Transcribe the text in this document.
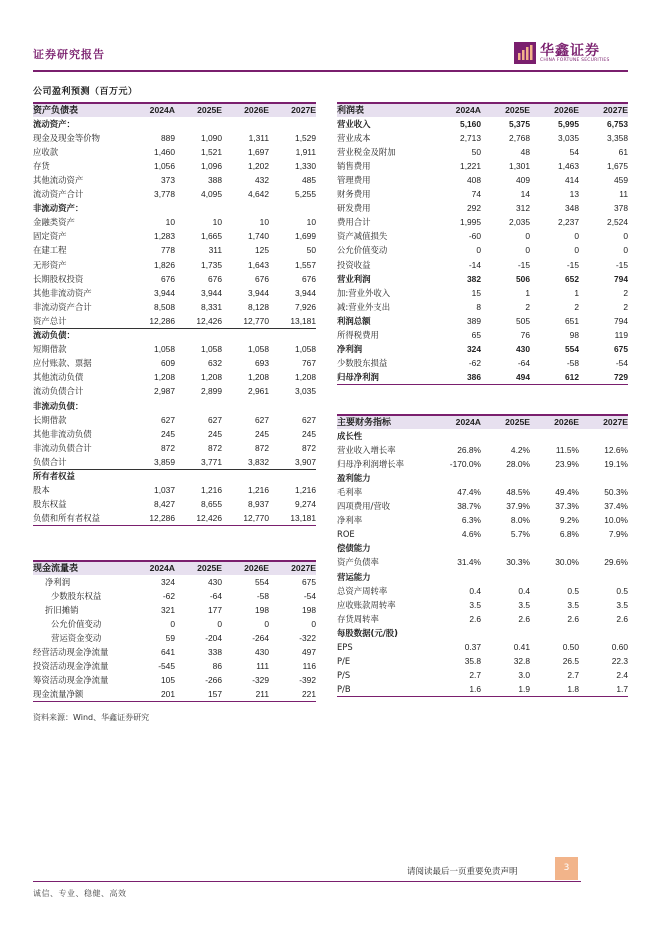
证券研究报告	华鑫证券
CHINA FORTUNE SECURITIES
公司盈利预测（百万元）
资产负债表	2024A	2025E	2026E	2027E
流动资产：				
现金及现金等价物	889	1,090	1,311	1,529
应收款	1,460	1,521	1,697	1,911
存货	1,056	1,096	1,202	1,330
其他流动资产	373	388	432	485
流动资产合计	3,778	4,095	4,642	5,255
非流动资产：				
金融类资产	10	10	10	10
固定资产	1,283	1,665	1,740	1,699
在建工程	778	311	125	50
无形资产	1,826	1,735	1,643	1,557
长期股权投资	676	676	676	676
其他非流动资产	3,944	3,944	3,944	3,944
非流动资产合计	8,508	8,331	8,128	7,926
资产总计	12,286	12,426	12,770	13,181
流动负债：				
短期借款	1,058	1,058	1,058	1,058
应付账款、票据	609	632	693	767
其他流动负债	1,208	1,208	1,208	1,208
流动负债合计	2,987	2,899	2,961	3,035
非流动负债：				
长期借款	627	627	627	627
其他非流动负债	245	245	245	245
非流动负债合计	872	872	872	872
负债合计	3,859	3,771	3,832	3,907
所有者权益				
股本	1,037	1,216	1,216	1,216
股东权益	8,427	8,655	8,937	9,274
负债和所有者权益	12,286	12,426	12,770	13,181
利润表	2024A	2025E	2026E	2027E
营业收入	5,160	5,375	5,995	6,753
营业成本	2,713	2,768	3,035	3,358
营业税金及附加	50	48	54	61
销售费用	1,221	1,301	1,463	1,675
管理费用	408	409	414	459
财务费用	74	14	13	11
研发费用	292	312	348	378
费用合计	1,995	2,035	2,237	2,524
资产减值损失	-60	0	0	0
公允价值变动	0	0	0	0
投资收益	-14	-15	-15	-15
营业利润	382	506	652	794
加:营业外收入	15	1	1	2
减:营业外支出	8	2	2	2
利润总额	389	505	651	794
所得税费用	65	76	98	119
净利润	324	430	554	675
少数股东损益	-62	-64	-58	-54
归母净利润	386	494	612	729
现金流量表	2024A	2025E	2026E	2027E
净利润	324	430	554	675
少数股东权益	-62	-64	-58	-54
折旧摊销	321	177	198	198
公允价值变动	0	0	0	0
营运资金变动	59	-204	-264	-322
经营活动现金净流量	641	338	430	497
投资活动现金净流量	-545	86	111	116
筹资活动现金净流量	105	-266	-329	-392
现金流量净额	201	157	211	221
主要财务指标	2024A	2025E	2026E	2027E
成长性				
营业收入增长率	26.8%	4.2%	11.5%	12.6%
归母净利润增长率	-170.0%	28.0%	23.9%	19.1%
盈利能力				
毛利率	47.4%	48.5%	49.4%	50.3%
四项费用/营收	38.7%	37.9%	37.3%	37.4%
净利率	6.3%	8.0%	9.2%	10.0%
ROE	4.6%	5.7%	6.8%	7.9%
偿债能力				
资产负债率	31.4%	30.3%	30.0%	29.6%
营运能力				
总资产周转率	0.4	0.4	0.5	0.5
应收账款周转率	3.5	3.5	3.5	3.5
存货周转率	2.6	2.6	2.6	2.6
每股数据(元/股)				
EPS	0.37	0.41	0.50	0.60
P/E	35.8	32.8	26.5	22.3
P/S	2.7	3.0	2.7	2.4
P/B	1.6	1.9	1.8	1.7
资料来源：Wind、华鑫证券研究
请阅读最后一页重要免责声明	3
诚信、专业、稳健、高效
